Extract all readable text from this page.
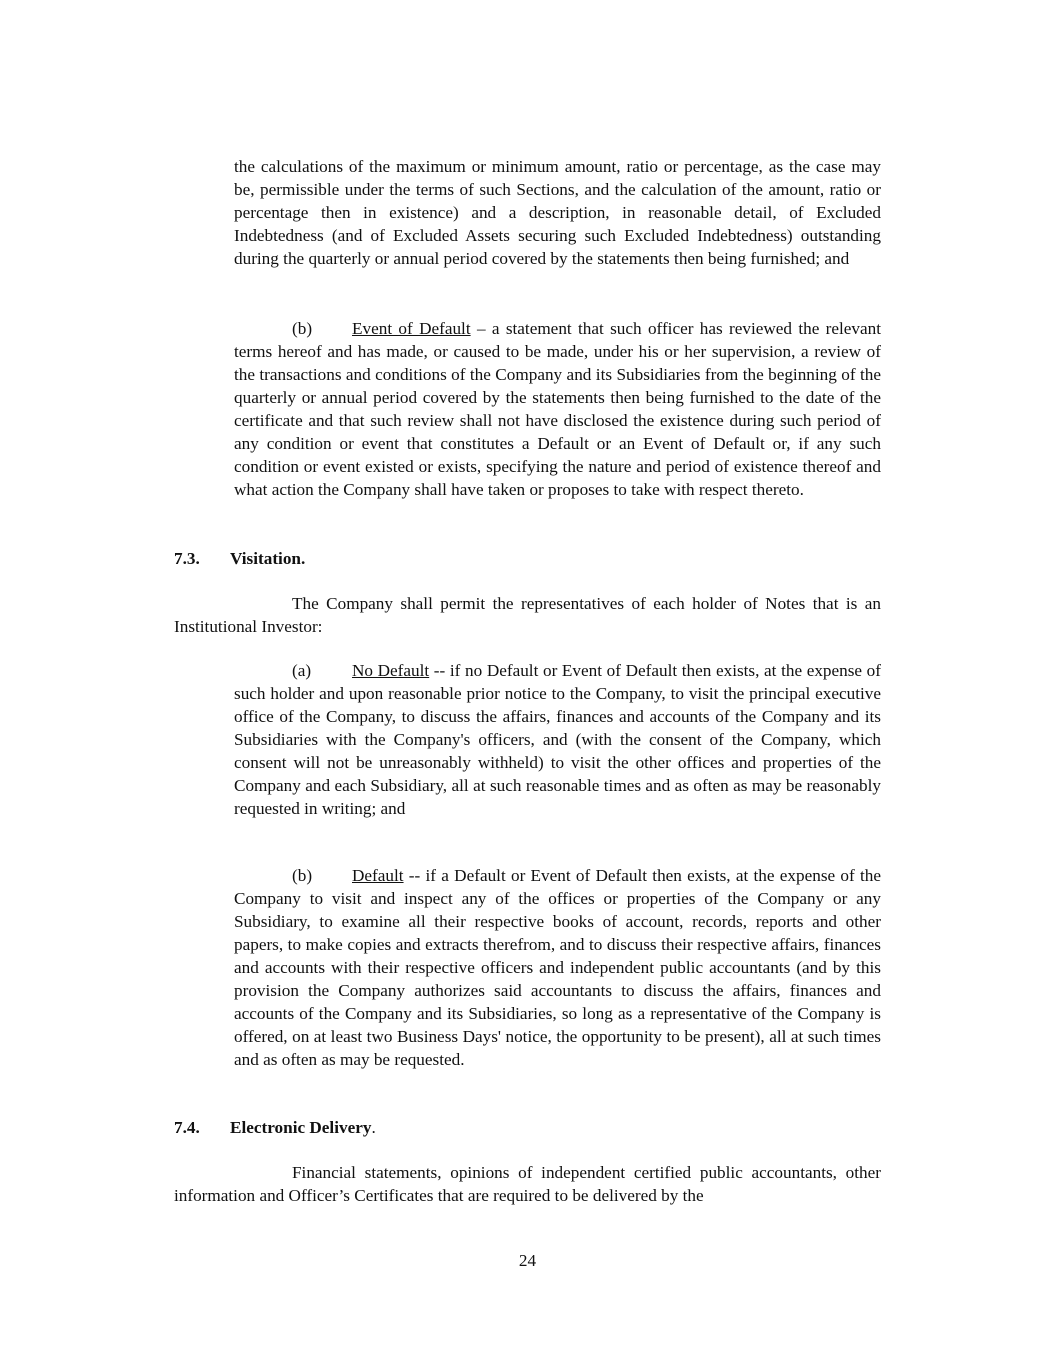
the calculations of the maximum or minimum amount, ratio or percentage, as the case may be, permissible under the terms of such Sections, and the calculation of the amount, ratio or percentage then in existence) and a description, in reasonable detail, of Excluded Indebtedness (and of Excluded Assets securing such Excluded Indebtedness) outstanding during the quarterly or annual period covered by the statements then being furnished; and

(b) Event of Default – a statement that such officer has reviewed the relevant terms hereof and has made, or caused to be made, under his or her supervision, a review of the transactions and conditions of the Company and its Subsidiaries from the beginning of the quarterly or annual period covered by the statements then being furnished to the date of the certificate and that such review shall not have disclosed the existence during such period of any condition or event that constitutes a Default or an Event of Default or, if any such condition or event existed or exists, specifying the nature and period of existence thereof and what action the Company shall have taken or proposes to take with respect thereto.

7.3. Visitation.

The Company shall permit the representatives of each holder of Notes that is an Institutional Investor:

(a) No Default -- if no Default or Event of Default then exists, at the expense of such holder and upon reasonable prior notice to the Company, to visit the principal executive office of the Company, to discuss the affairs, finances and accounts of the Company and its Subsidiaries with the Company's officers, and (with the consent of the Company, which consent will not be unreasonably withheld) to visit the other offices and properties of the Company and each Subsidiary, all at such reasonable times and as often as may be reasonably requested in writing; and

(b) Default -- if a Default or Event of Default then exists, at the expense of the Company to visit and inspect any of the offices or properties of the Company or any Subsidiary, to examine all their respective books of account, records, reports and other papers, to make copies and extracts therefrom, and to discuss their respective affairs, finances and accounts with their respective officers and independent public accountants (and by this provision the Company authorizes said accountants to discuss the affairs, finances and accounts of the Company and its Subsidiaries, so long as a representative of the Company is offered, on at least two Business Days' notice, the opportunity to be present), all at such times and as often as may be requested.

7.4. Electronic Delivery.

Financial statements, opinions of independent certified public accountants, other information and Officer’s Certificates that are required to be delivered by the

24
